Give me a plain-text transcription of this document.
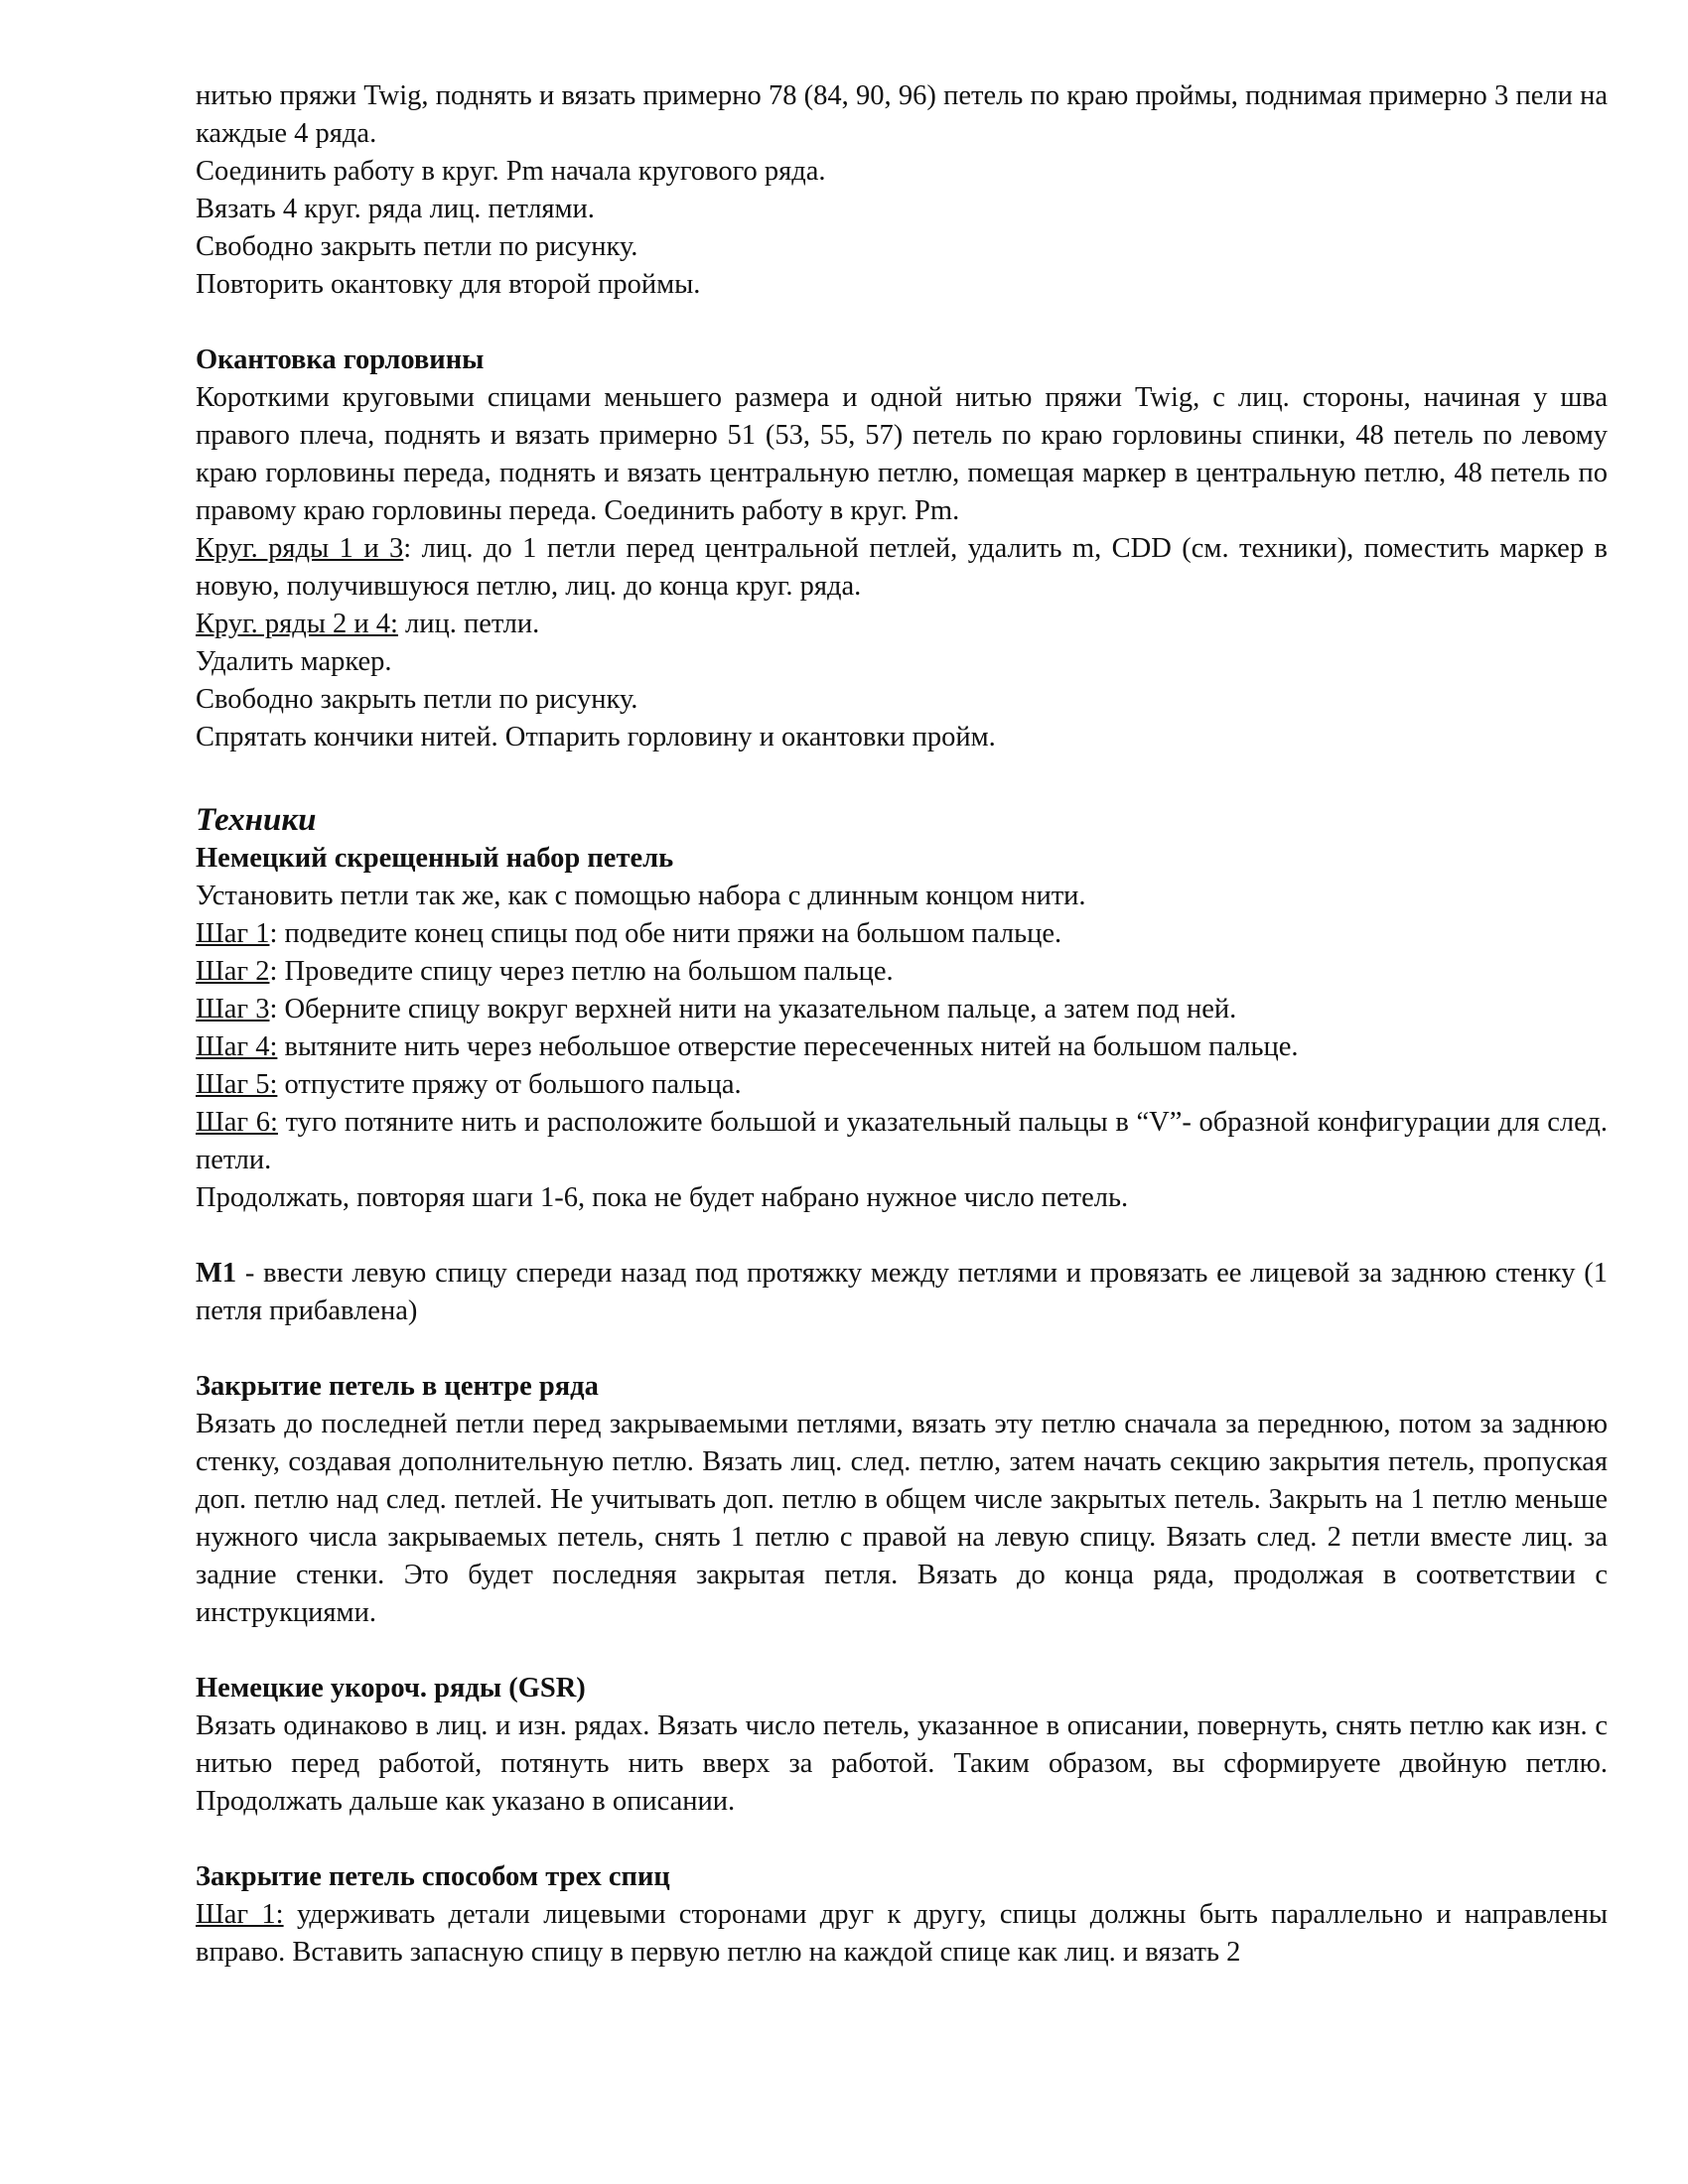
нитью пряжи Twig, поднять и вязать примерно 78 (84, 90, 96) петель по краю проймы, поднимая примерно 3 пели на каждые 4 ряда.

Соединить работу в круг. Pm начала кругового ряда.

Вязать 4 круг. ряда лиц. петлями.

Свободно закрыть петли по рисунку.

Повторить окантовку для второй проймы.

Окантовка горловины

Короткими круговыми спицами меньшего размера и одной нитью пряжи Twig, с лиц. стороны, начиная у шва правого плеча, поднять и вязать примерно 51 (53, 55, 57) петель по краю горловины спинки, 48 петель по левому краю горловины переда, поднять и вязать центральную петлю, помещая маркер в центральную петлю, 48 петель по правому краю горловины переда. Соединить работу в круг. Pm.

Круг. ряды 1 и 3: лиц. до 1 петли перед центральной петлей, удалить m, CDD (см. техники), поместить маркер в новую, получившуюся петлю, лиц. до конца круг. ряда.

Круг. ряды 2 и 4: лиц. петли.

Удалить маркер.

Свободно закрыть петли по рисунку.

Спрятать кончики нитей. Отпарить горловину и окантовки пройм.

Техники

Немецкий скрещенный набор петель

Установить петли так же, как с помощью набора с длинным концом нити.

Шаг 1: подведите конец спицы под обе нити пряжи на большом пальце.

Шаг 2: Проведите спицу через петлю на большом пальце.

Шаг 3: Оберните спицу вокруг верхней нити на указательном пальце, а затем под ней.

Шаг 4: вытяните нить через небольшое отверстие пересеченных нитей на большом пальце.

Шаг 5: отпустите пряжу от большого пальца.

Шаг 6: туго потяните нить и расположите большой и указательный пальцы в “V”- образной конфигурации для след. петли.

Продолжать, повторяя шаги 1-6, пока не будет набрано нужное число петель.

M1 - ввести левую спицу спереди назад под протяжку между петлями и провязать ее лицевой за заднюю стенку (1 петля прибавлена)

Закрытие петель в центре ряда

Вязать до последней петли перед закрываемыми петлями, вязать эту петлю сначала за переднюю, потом за заднюю стенку, создавая дополнительную петлю. Вязать лиц. след. петлю, затем начать секцию закрытия петель, пропуская доп. петлю над след. петлей. Не учитывать доп. петлю в общем числе закрытых петель. Закрыть на 1 петлю меньше нужного числа закрываемых петель, снять 1 петлю с правой на левую спицу. Вязать след. 2 петли вместе лиц. за задние стенки. Это будет последняя закрытая петля. Вязать до конца ряда, продолжая в соответствии с инструкциями.

Немецкие укороч. ряды (GSR)

Вязать одинаково в лиц. и изн. рядах. Вязать число петель, указанное в описании, повернуть, снять петлю как изн. с нитью перед работой, потянуть нить вверх за работой. Таким образом, вы сформируете двойную петлю. Продолжать дальше как указано в описании.

Закрытие петель способом трех спиц

Шаг 1: удерживать детали лицевыми сторонами друг к другу, спицы должны быть параллельно и направлены вправо. Вставить запасную спицу в первую петлю на каждой спице как лиц. и вязать 2
